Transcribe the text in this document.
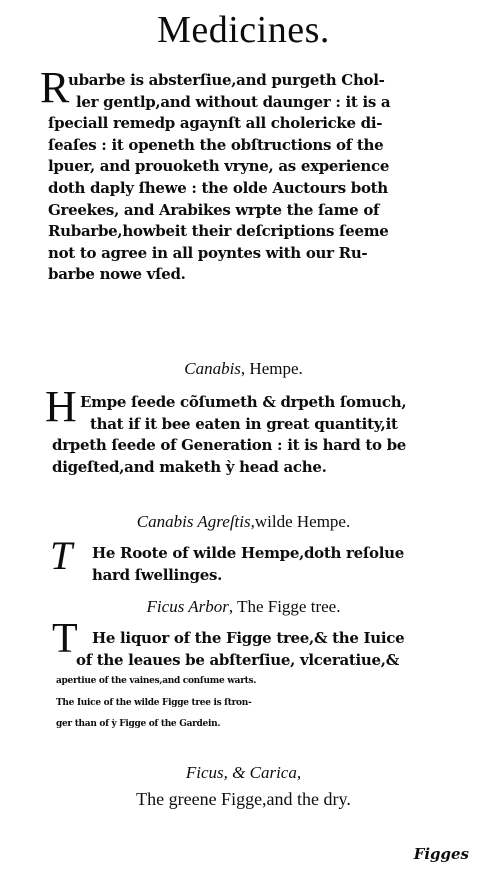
Medicines.
R
ubarbe is absterſiue,and purgeth Chol-
ler gentlp,and without daunger : it is a
ſpeciall remedp agaynſt all cholericke di-
ſeaſes : it openeth the obſtructions of the
lpuer, and prouoketh vryne, as experience
doth daply ſhewe : the olde Auctours both
Greekes, and Arabikes wrpte the ſame of
Rubarbe,howbeit their deſcriptions ſeeme
not to agree in all poyntes with our Ru-
barbe nowe vſed.
Canabis, Hempe.
H Empe ſeede cõſumeth & drpeth ſomuch,
that if it bee eaten in great quantity,it
drpeth ſeede of Generation : it is hard to be
digeſted,and maketh ỳ head ache.
Canabis Agreſtis,wilde Hempe.
T He Roote of wilde Hempe,doth reſolue
hard ſwellinges.
Ficus Arbor, The Figge tree.
T He liquor of the Figge tree,& the Iuice
of the leaues be abſterſiue, vlceratiue,&
apertiue of the vaines,and conſume warts.
The Iuice of the wilde Figge tree is ſtron-
ger than of ỳ Figge of the Gardein.
Ficus, & Carica,
The greene Figge,and the dry.
Figges
